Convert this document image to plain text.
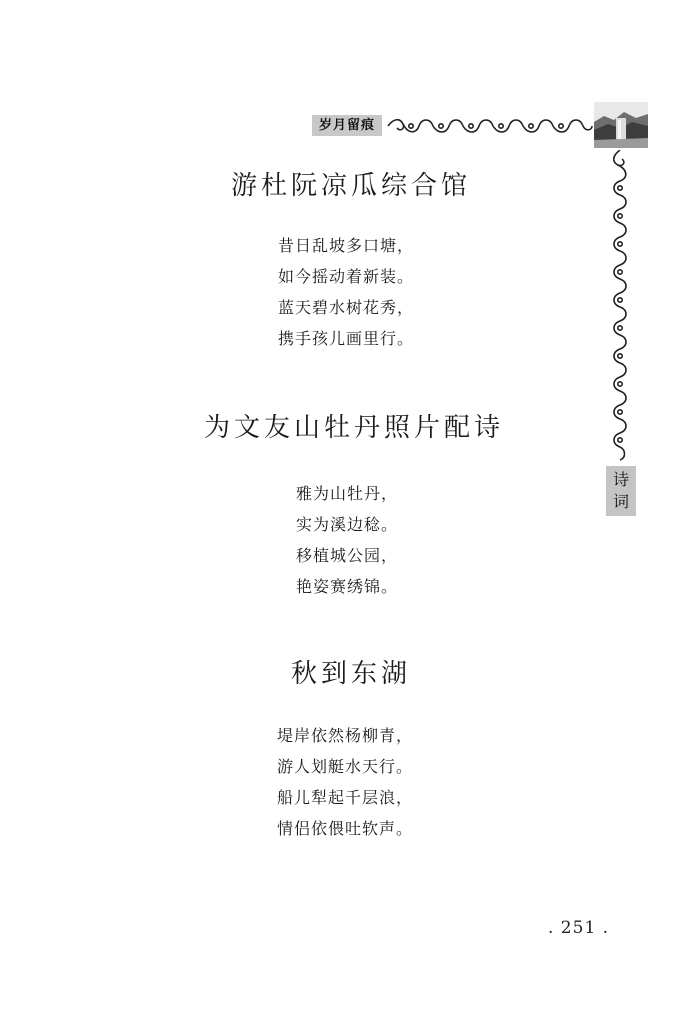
岁月留痕
诗
词
游杜阮凉瓜综合馆
昔日乱坡多口塘，
如今摇动着新装。
蓝天碧水树花秀，
携手孩儿画里行。
为文友山牡丹照片配诗
雅为山牡丹，
实为溪边稔。
移植城公园，
艳姿赛绣锦。
秋到东湖
堤岸依然杨柳青，
游人划艇水天行。
船儿犁起千层浪，
情侣依偎吐软声。
. 251 .
